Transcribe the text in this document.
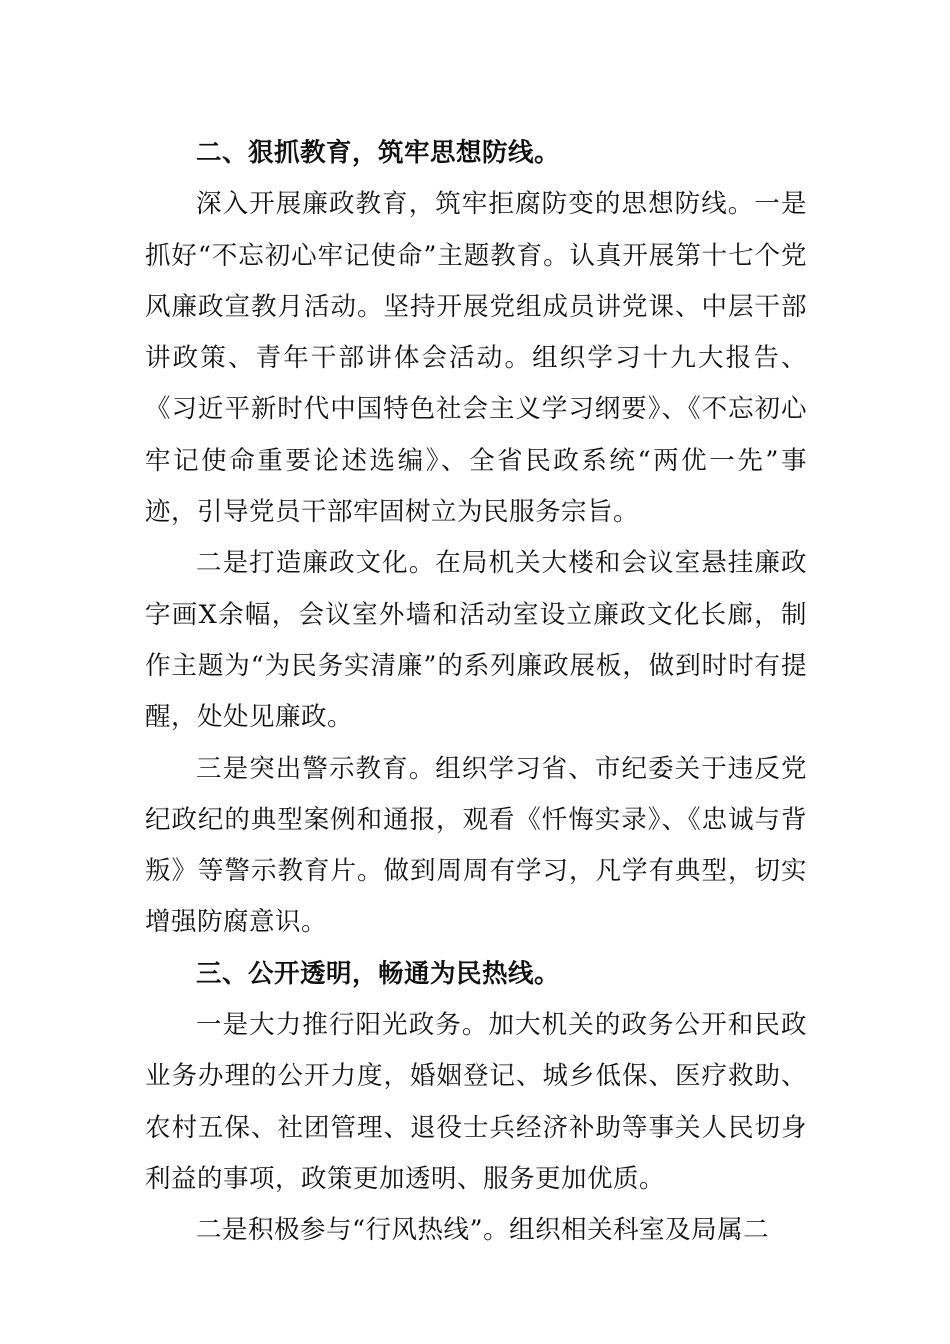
二、狠抓教育，筑牢思想防线。

深入开展廉政教育，筑牢拒腐防变的思想防线。一是抓好“不忘初心牢记使命”主题教育。认真开展第十七个党风廉政宣教月活动。坚持开展党组成员讲党课、中层干部讲政策、青年干部讲体会活动。组织学习十九大报告、《习近平新时代中国特色社会主义学习纲要》、《不忘初心牢记使命重要论述选编》、全省民政系统“两优一先”事迹，引导党员干部牢固树立为民服务宗旨。

二是打造廉政文化。在局机关大楼和会议室悬挂廉政字画X余幅，会议室外墙和活动室设立廉政文化长廊，制作主题为“为民务实清廉”的系列廉政展板，做到时时有提醒，处处见廉政。

三是突出警示教育。组织学习省、市纪委关于违反党纪政纪的典型案例和通报，观看《忏悔实录》、《忠诚与背叛》等警示教育片。做到周周有学习，凡学有典型，切实增强防腐意识。

三、公开透明，畅通为民热线。

一是大力推行阳光政务。加大机关的政务公开和民政业务办理的公开力度，婚姻登记、城乡低保、医疗救助、农村五保、社团管理、退役士兵经济补助等事关人民切身利益的事项，政策更加透明、服务更加优质。

二是积极参与“行风热线”。组织相关科室及局属二
